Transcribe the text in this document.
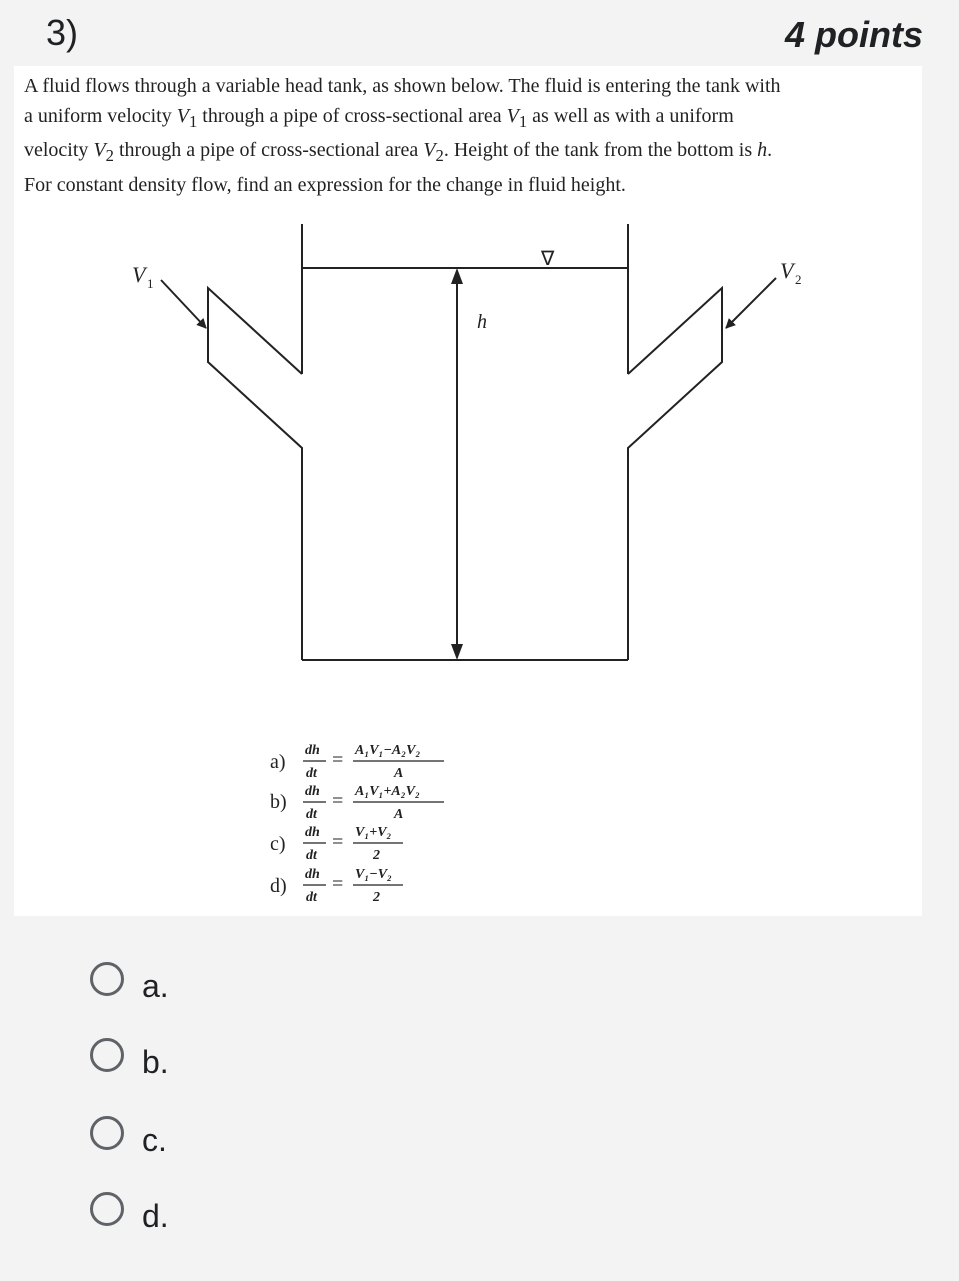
3)	4 points

A fluid flows through a variable head tank, as shown below. The fluid is entering the tank with
a uniform velocity $V_1$ through a pipe of cross-sectional area $V_1$ as well as with a uniform
velocity $V_2$ through a pipe of cross-sectional area $V_2$. Height of the tank from the bottom is h.
For constant density flow, find an expression for the change in fluid height.

∇
V 1
V 2
h
a)
dh
dt
= A₁V₁−A₂V₂
A
b) dh
dt
= A₁V₁+A₂V₂
A
c)
dh
dt
= V₁+V₂
2
d)
dh
dt
= V₁−V₂
2
a.
b.
c.
d.
